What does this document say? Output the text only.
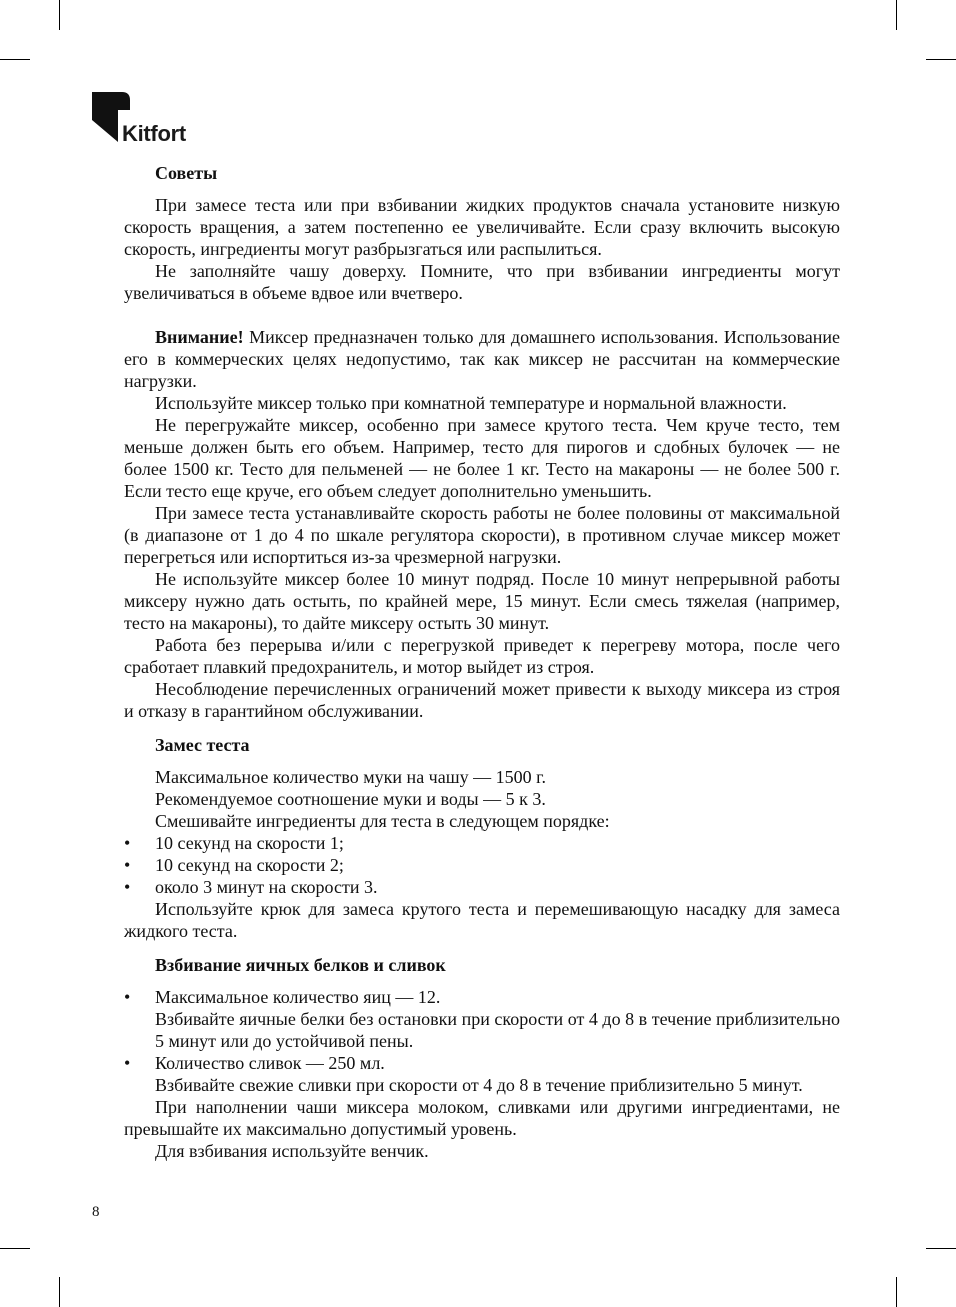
Kitfort
Советы

При замесе теста или при взбивании жидких продуктов сначала установите низкую скорость вращения, а затем постепенно ее увеличивайте. Если сразу включить высокую скорость, ингредиенты могут разбрызгаться или распылиться.

Не заполняйте чашу доверху. Помните, что при взбивании ингредиенты могут увеличиваться в объеме вдвое или вчетверо.

Внимание! Миксер предназначен только для домашнего использования. Использование его в коммерческих целях недопустимо, так как миксер не рассчитан на коммерческие нагрузки.

Используйте миксер только при комнатной температуре и нормальной влажности.

Не перегружайте миксер, особенно при замесе крутого теста. Чем круче тесто, тем меньше должен быть его объем. Например, тесто для пирогов и сдобных булочек — не более 1500 кг. Тесто для пельменей — не более 1 кг. Тесто на макароны — не более 500 г. Если тесто еще круче, его объем следует дополнительно уменьшить.

При замесе теста устанавливайте скорость работы не более половины от максимальной (в диапазоне от 1 до 4 по шкале регулятора скорости), в противном случае миксер может перегреться или испортиться из-за чрезмерной нагрузки.

Не используйте миксер более 10 минут подряд. После 10 минут непрерывной работы миксеру нужно дать остыть, по крайней мере, 15 минут. Если смесь тяжелая (например, тесто на макароны), то дайте миксеру остыть 30 минут.

Работа без перерыва и/или с перегрузкой приведет к перегреву мотора, после чего сработает плавкий предохранитель, и мотор выйдет из строя.

Несоблюдение перечисленных ограничений может привести к выходу миксера из строя и отказу в гарантийном обслуживании.

Замес теста

Максимальное количество муки на чашу — 1500 г.

Рекомендуемое соотношение муки и воды — 5 к 3.

Смешивайте ингредиенты для теста в следующем порядке:

• 10 секунд на скорости 1;
• 10 секунд на скорости 2;
• около 3 минут на скорости 3.

Используйте крюк для замеса крутого теста и перемешивающую насадку для замеса жидкого теста.

Взбивание яичных белков и сливок
• Максимальное количество яиц — 12.
Взбивайте яичные белки без остановки при скорости от 4 до 8 в течение приблизительно 5 минут или до устойчивой пены.
• Количество сливок — 250 мл.
Взбивайте свежие сливки при скорости от 4 до 8 в течение приблизительно 5 минут.

При наполнении чаши миксера молоком, сливками или другими ингредиентами, не превышайте их максимально допустимый уровень.

Для взбивания используйте венчик.

8
